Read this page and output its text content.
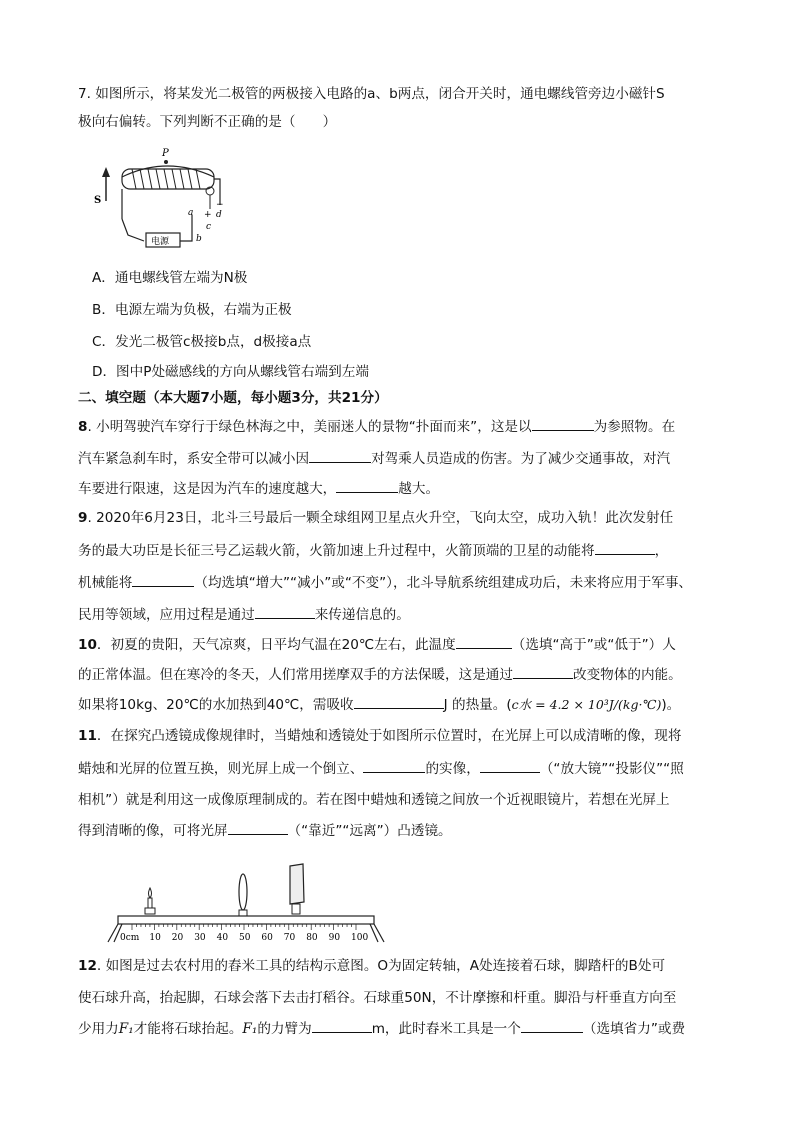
7. 如图所示，将某发光二极管的两极接入电路的a、b两点，闭合开关时，通电螺线管旁边小磁针S
极向右偏转。下列判断不正确的是（　　）
P
S
a +
−
d
c
电源	b
A．通电螺线管左端为N极
B．电源左端为负极，右端为正极
C．发光二极管c极接b点，d极接a点
D．图中P处磁感线的方向从螺线管右端到左端
二、填空题（本大题7小题，每小题3分，共21分）
8. 小明驾驶汽车穿行于绿色林海之中，美丽迷人的景物“扑面而来”，这是以	为参照物。在
汽车紧急刹车时，系安全带可以减小因	对驾乘人员造成的伤害。为了减少交通事故，对汽
车要进行限速，这是因为汽车的速度越大，	越大。
9. 2020年6月23日，北斗三号最后一颗全球组网卫星点火升空，飞向太空，成功入轨！此次发射任
务的最大功臣是长征三号乙运载火箭，火箭加速上升过程中，火箭顶端的卫星的动能将	，
机械能将	（均选填“增大”“减小”或“不变”），北斗导航系统组建成功后，未来将应用于军事、
民用等领域，应用过程是通过	来传递信息的。
10．初夏的贵阳，天气凉爽，日平均气温在20℃左右，此温度	（选填“高于”或“低于”）人
的正常体温。但在寒冷的冬天，人们常用搓摩双手的方法保暖，这是通过	改变物体的内能。
如果将10kg、20℃的水加热到40℃，需吸收	J 的热量。(c水 = 4.2 × 10³J/(kg·℃))。
11．在探究凸透镜成像规律时，当蜡烛和透镜处于如图所示位置时，在光屏上可以成清晰的像，现将
蜡烛和光屏的位置互换，则光屏上成一个倒立、	的实像，	（“放大镜”“投影仪”“照
相机”）就是利用这一成像原理制成的。若在图中蜡烛和透镜之间放一个近视眼镜片，若想在光屏上
得到清晰的像，可将光屏	（“靠近”“远离”）凸透镜。
0cm 10 20 30 40 50 60 70 80 90 100
12. 如图是过去农村用的舂米工具的结构示意图。O为固定转轴，A处连接着石球，脚踏杆的B处可
使石球升高，抬起脚，石球会落下去击打稻谷。石球重50N，不计摩擦和杆重。脚沿与杆垂直方向至
少用力F₁才能将石球抬起。F₁的力臂为	m，此时舂米工具是一个	（选填省力”或费
